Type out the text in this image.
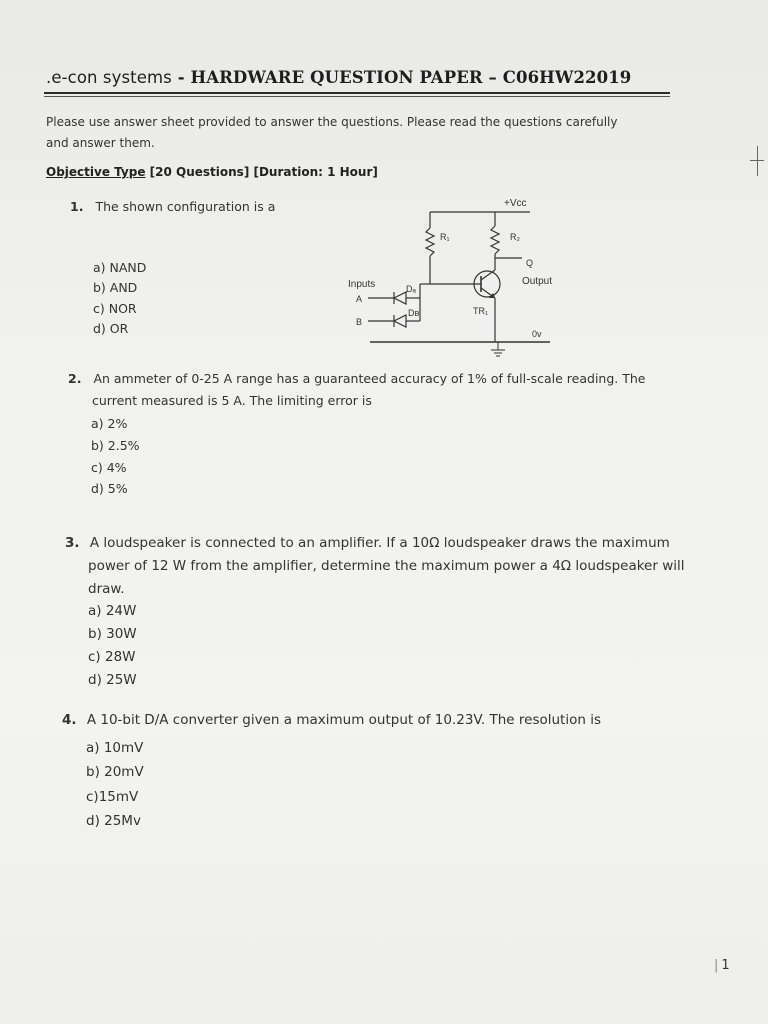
.e-con systems - HARDWARE QUESTION PAPER – C06HW22019
Please use answer sheet provided to answer the questions. Please read the questions carefully
and answer them.
Objective Type [20 Questions] [Duration: 1 Hour]
1. The shown configuration is a
a) NAND
b) AND
c) NOR
d) OR
+Vcc
R₁	R₂
Q
Output
TR₁
Inputs
A
B
Dₐ
Dʙ
0v
2. An ammeter of 0-25 A range has a guaranteed accuracy of 1% of full-scale reading. The
current measured is 5 A. The limiting error is
a) 2%
b) 2.5%
c) 4%
d) 5%
3. A loudspeaker is connected to an amplifier. If a 10Ω loudspeaker draws the maximum
power of 12 W from the amplifier, determine the maximum power a 4Ω loudspeaker will
draw.
a) 24W
b) 30W
c) 28W
d) 25W
4. A 10-bit D/A converter given a maximum output of 10.23V. The resolution is
a) 10mV
b) 20mV
c)15mV
d) 25Mv
| 1
